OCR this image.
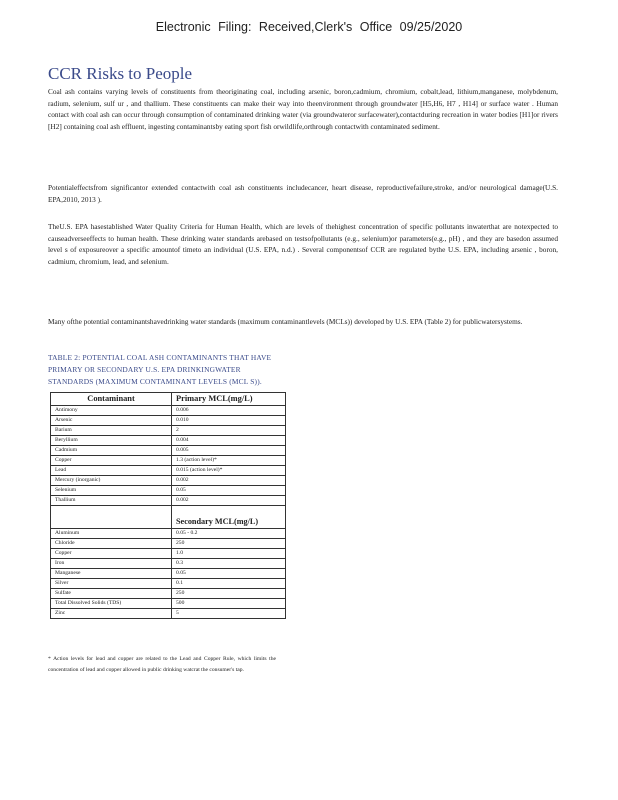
Electronic Filing: Received,Clerk's Office 09/25/2020
CCR Risks to People

Coal ash contains varying levels of constituents from theoriginating coal, including arsenic, boron,cadmium, chromium, cobalt,lead, lithium,manganese, molybdenum, radium, selenium, sulf ur , and thallium. These constituents can make their way into theenvironment through groundwater [H5,H6, H7 , H14] or surface water . Human contact with coal ash can occur through consumption of contaminated drinking water (via groundwateror surfacewater),contactduring recreation in water bodies [H1]or rivers [H2] containing coal ash effluent, ingesting contaminantsby eating sport fish orwildlife,orthrough contactwith contaminated sediment.

Potentialeffectsfrom significantor extended contactwith coal ash constituents includecancer, heart disease, reproductivefailure,stroke, and/or neurological damage(U.S. EPA,2010, 2013 ).

TheU.S. EPA hasestablished Water Quality Criteria for Human Health, which are levels of thehighest concentration of specific pollutants inwaterthat are notexpected to causeadverseeffects to human health. These drinking water standards arebased on testsofpollutants (e.g., selenium)or parameters(e.g., pH) , and they are basedon assumed level s of exposureover a specific amountof timeto an individual (U.S. EPA, n.d.) . Several componentsof CCR are regulated bythe U.S. EPA, including arsenic , boron, cadmium, chromium, lead, and selenium.

Many ofthe potential contaminantshavedrinking water standards (maximum contaminantlevels (MCLs)) developed by U.S. EPA (Table 2) for publicwatersystems.

TABLE 2: POTENTIAL COAL ASH CONTAMINANTS THAT HAVE PRIMARY OR SECONDARY U.S. EPA DRINKINGWATER STANDARDS (MAXIMUM CONTAMINANT LEVELS (MCL S)).

Contaminant	Primary MCL(mg/L)
Antimony	0.006
Arsenic	0.010
Barium	2
Beryllium	0.004
Cadmium	0.005
Copper	1.3 (action level)*
Lead	0.015 (action level)*
Mercury (inorganic)	0.002
Selenium	0.05
Thallium	0.002
	Secondary MCL(mg/L)
Aluminum	0.05 - 0.2
Chloride	250
Copper	1.0
Iron	0.3
Manganese	0.05
Silver	0.1
Sulfate	250
Total Dissolved Solids (TDS)	500
Zinc	5

* Action levels for lead and copper are related to the Lead and Copper Rule, which limits the concentration of lead and copper allowed in public drinking watcrat the consumer's tap.
